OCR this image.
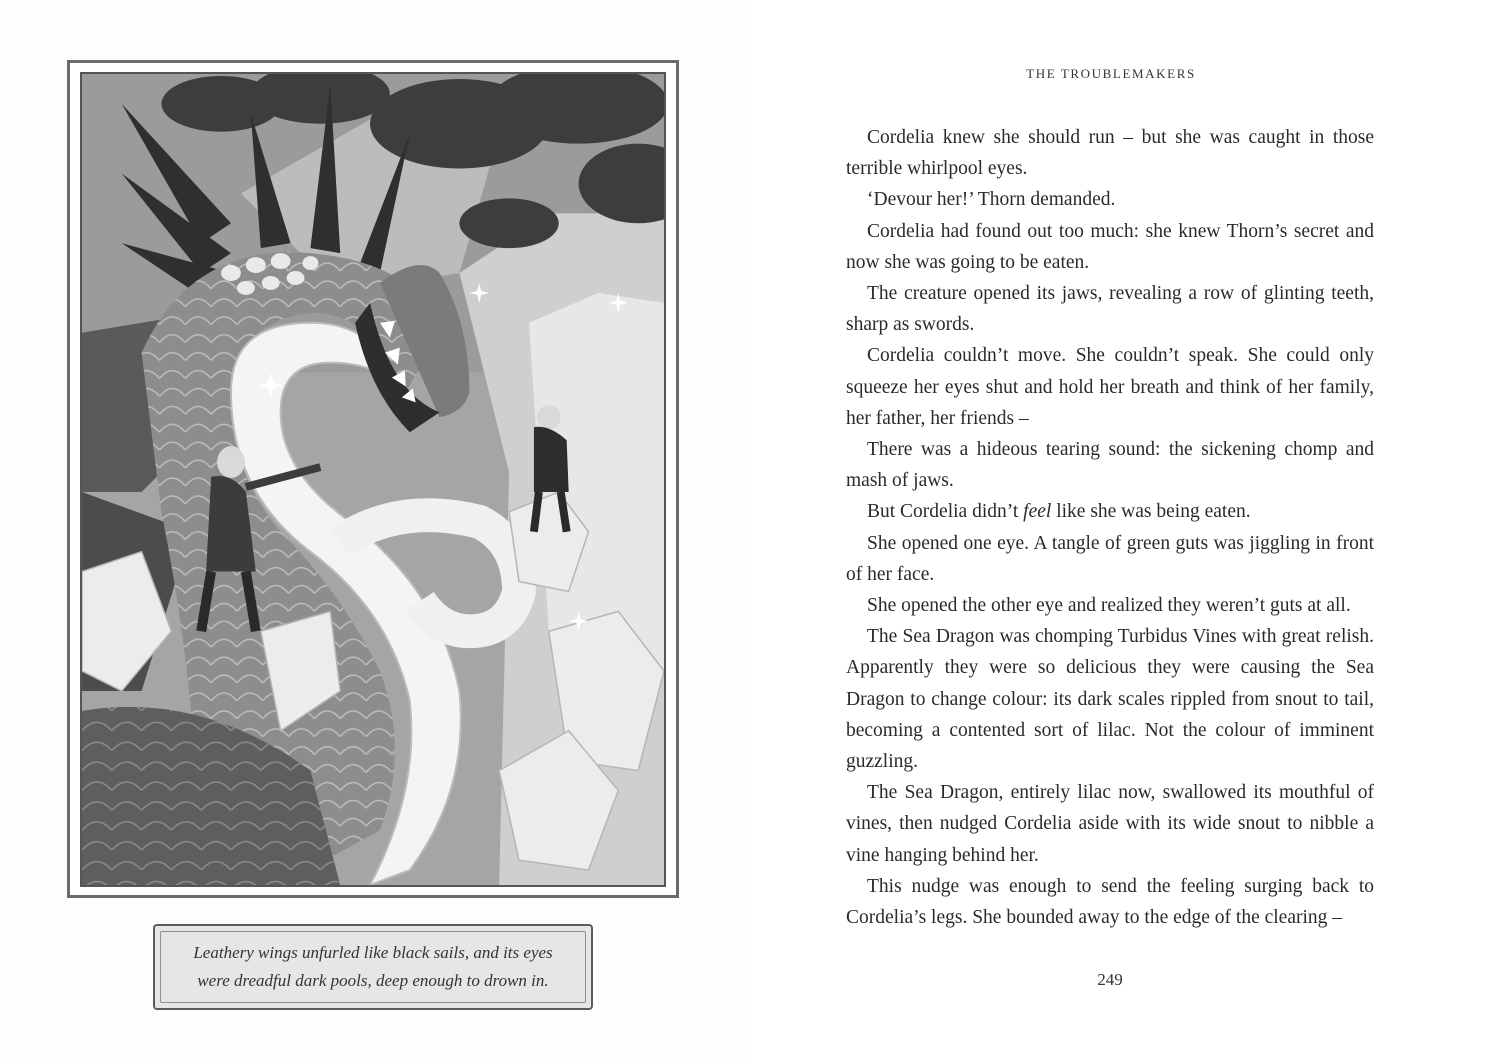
Leathery wings unfurled like black sails, and its eyes
were dreadful dark pools, deep enough to drown in.
THE TROUBLEMAKERS

Cordelia knew she should run – but she was caught in those terrible whirlpool eyes.

‘Devour her!’ Thorn demanded.

Cordelia had found out too much: she knew Thorn’s secret and now she was going to be eaten.

The creature opened its jaws, revealing a row of glinting teeth, sharp as swords.

Cordelia couldn’t move. She couldn’t speak. She could only squeeze her eyes shut and hold her breath and think of her family, her father, her friends –

There was a hideous tearing sound: the sickening chomp and mash of jaws.

But Cordelia didn’t feel like she was being eaten.

She opened one eye. A tangle of green guts was jiggling in front of her face.

She opened the other eye and realized they weren’t guts at all.

The Sea Dragon was chomping Turbidus Vines with great relish. Apparently they were so delicious they were causing the Sea Dragon to change colour: its dark scales rippled from snout to tail, becoming a contented sort of lilac. Not the colour of imminent guzzling.

The Sea Dragon, entirely lilac now, swallowed its mouthful of vines, then nudged Cordelia aside with its wide snout to nibble a vine hanging behind her.

This nudge was enough to send the feeling surging back to Cordelia’s legs. She bounded away to the edge of the clearing –

249
